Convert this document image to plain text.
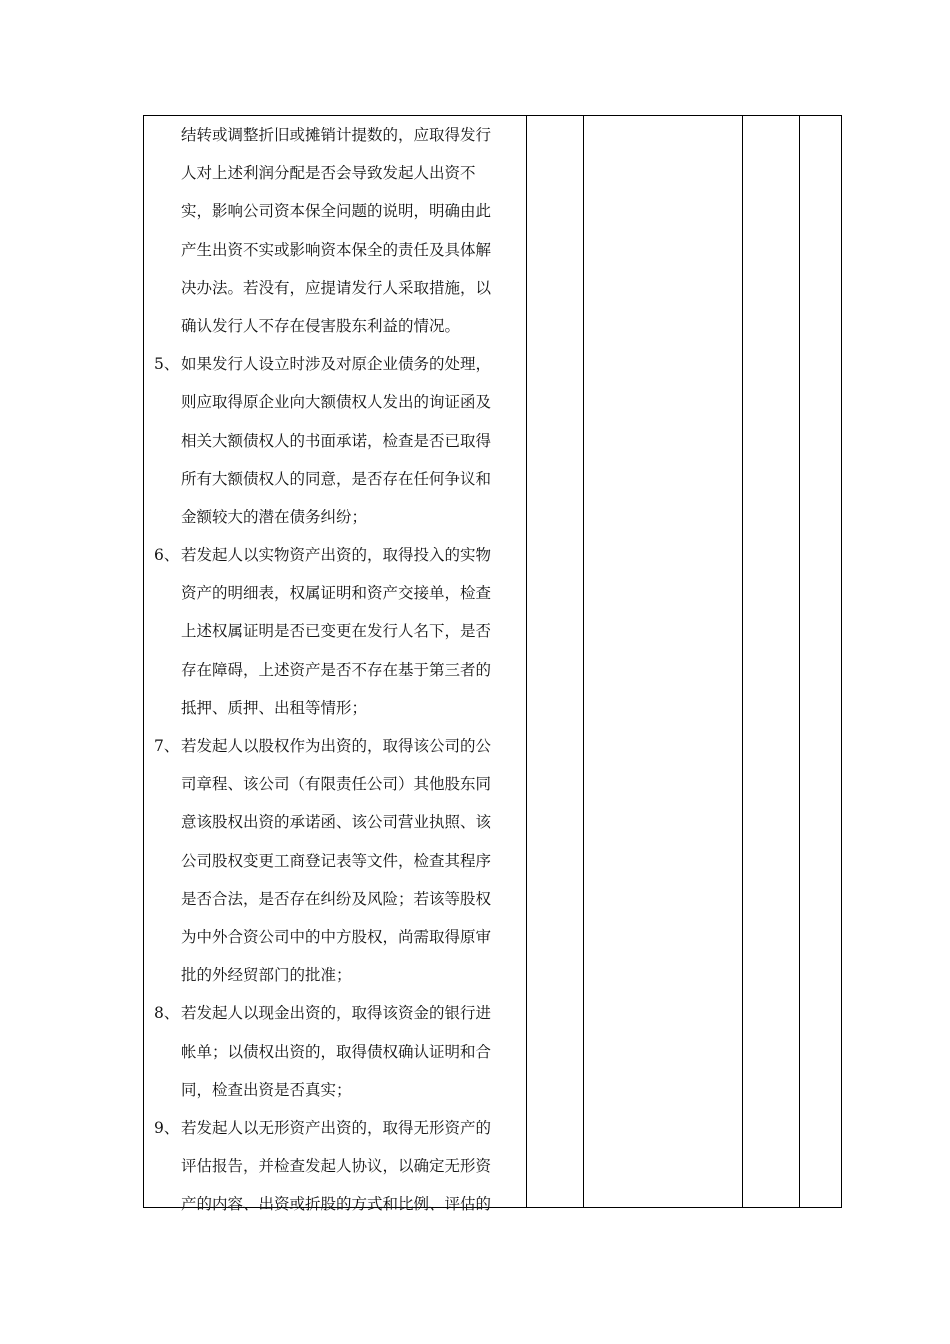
结转或调整折旧或摊销计提数的，应取得发行
人对上述利润分配是否会导致发起人出资不
实，影响公司资本保全问题的说明，明确由此
产生出资不实或影响资本保全的责任及具体解
决办法。若没有，应提请发行人采取措施，以
确认发行人不存在侵害股东利益的情况。
5、 如果发行人设立时涉及对原企业债务的处理，
则应取得原企业向大额债权人发出的询证函及
相关大额债权人的书面承诺，检查是否已取得
所有大额债权人的同意，是否存在任何争议和
金额较大的潜在债务纠纷；
6、 若发起人以实物资产出资的，取得投入的实物
资产的明细表，权属证明和资产交接单，检查
上述权属证明是否已变更在发行人名下，是否
存在障碍，上述资产是否不存在基于第三者的
抵押、质押、出租等情形；
7、 若发起人以股权作为出资的，取得该公司的公
司章程、该公司（有限责任公司）其他股东同
意该股权出资的承诺函、该公司营业执照、该
公司股权变更工商登记表等文件，检查其程序
是否合法，是否存在纠纷及风险；若该等股权
为中外合资公司中的中方股权，尚需取得原审
批的外经贸部门的批准；
8、 若发起人以现金出资的，取得该资金的银行进
帐单；以债权出资的，取得债权确认证明和合
同，检查出资是否真实；
9、 若发起人以无形资产出资的，取得无形资产的
评估报告，并检查发起人协议，以确定无形资
产的内容、出资或折股的方式和比例、评估的
